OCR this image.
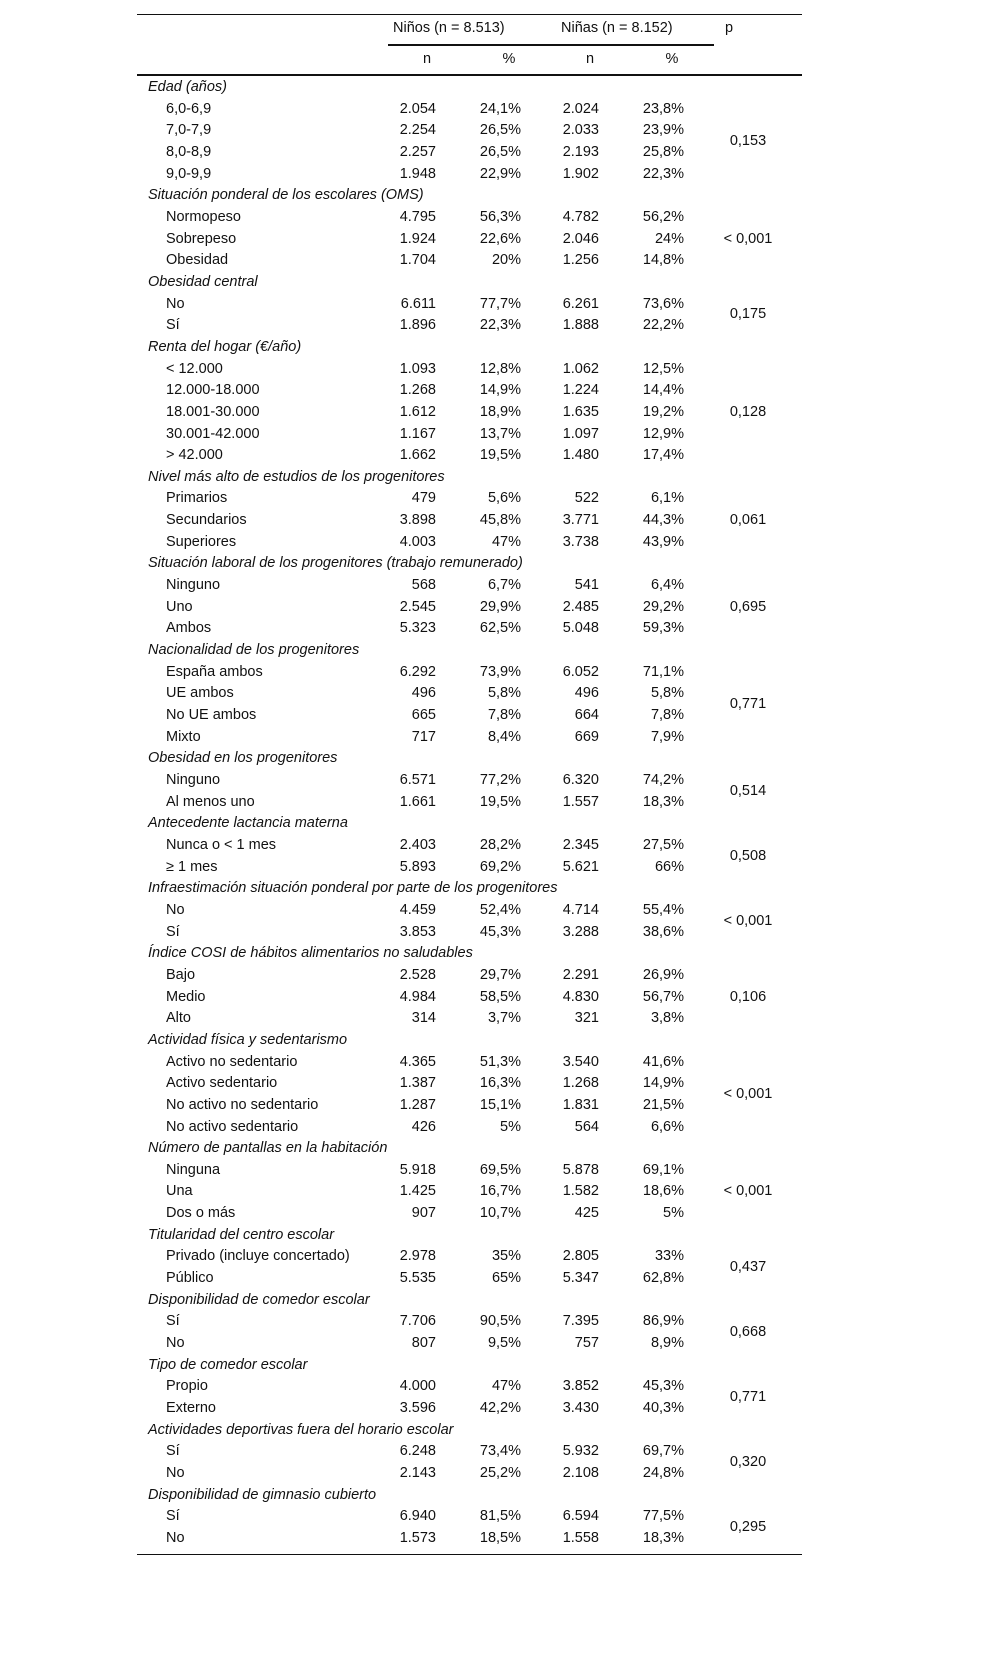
Niños (n = 8.513)	Niñas (n = 8.152)	p
n	%	n	%
Edad (años)
6,0-6,9	2.054	24,1%	2.024	23,8%
7,0-7,9	2.254	26,5%	2.033	23,9%
8,0-8,9	2.257	26,5%	2.193	25,8%
9,0-9,9	1.948	22,9%	1.902	22,3%
0,153
Situación ponderal de los escolares (OMS)
Normopeso	4.795	56,3%	4.782	56,2%
Sobrepeso	1.924	22,6%	2.046	24%
Obesidad	1.704	20%	1.256	14,8%
< 0,001
Obesidad central
No	6.611	77,7%	6.261	73,6%
Sí	1.896	22,3%	1.888	22,2%
0,175
Renta del hogar (€/año)
< 12.000	1.093	12,8%	1.062	12,5%
12.000-18.000	1.268	14,9%	1.224	14,4%
18.001-30.000	1.612	18,9%	1.635	19,2%
30.001-42.000	1.167	13,7%	1.097	12,9%
> 42.000	1.662	19,5%	1.480	17,4%
0,128
Nivel más alto de estudios de los progenitores
Primarios	479	5,6%	522	6,1%
Secundarios	3.898	45,8%	3.771	44,3%
Superiores	4.003	47%	3.738	43,9%
0,061
Situación laboral de los progenitores (trabajo remunerado)
Ninguno	568	6,7%	541	6,4%
Uno	2.545	29,9%	2.485	29,2%
Ambos	5.323	62,5%	5.048	59,3%
0,695
Nacionalidad de los progenitores
España ambos	6.292	73,9%	6.052	71,1%
UE ambos	496	5,8%	496	5,8%
No UE ambos	665	7,8%	664	7,8%
Mixto	717	8,4%	669	7,9%
0,771
Obesidad en los progenitores
Ninguno	6.571	77,2%	6.320	74,2%
Al menos uno	1.661	19,5%	1.557	18,3%
0,514
Antecedente lactancia materna
Nunca o < 1 mes	2.403	28,2%	2.345	27,5%
≥ 1 mes	5.893	69,2%	5.621	66%
0,508
Infraestimación situación ponderal por parte de los progenitores
No	4.459	52,4%	4.714	55,4%
Sí	3.853	45,3%	3.288	38,6%
< 0,001
Índice COSI de hábitos alimentarios no saludables
Bajo	2.528	29,7%	2.291	26,9%
Medio	4.984	58,5%	4.830	56,7%
Alto	314	3,7%	321	3,8%
0,106
Actividad física y sedentarismo
Activo no sedentario	4.365	51,3%	3.540	41,6%
Activo sedentario	1.387	16,3%	1.268	14,9%
No activo no sedentario	1.287	15,1%	1.831	21,5%
No activo sedentario	426	5%	564	6,6%
< 0,001
Número de pantallas en la habitación
Ninguna	5.918	69,5%	5.878	69,1%
Una	1.425	16,7%	1.582	18,6%
Dos o más	907	10,7%	425	5%
< 0,001
Titularidad del centro escolar
Privado (incluye concertado)	2.978	35%	2.805	33%
Público	5.535	65%	5.347	62,8%
0,437
Disponibilidad de comedor escolar
Sí	7.706	90,5%	7.395	86,9%
No	807	9,5%	757	8,9%
0,668
Tipo de comedor escolar
Propio	4.000	47%	3.852	45,3%
Externo	3.596	42,2%	3.430	40,3%
0,771
Actividades deportivas fuera del horario escolar
Sí	6.248	73,4%	5.932	69,7%
No	2.143	25,2%	2.108	24,8%
0,320
Disponibilidad de gimnasio cubierto
Sí	6.940	81,5%	6.594	77,5%
No	1.573	18,5%	1.558	18,3%
0,295
